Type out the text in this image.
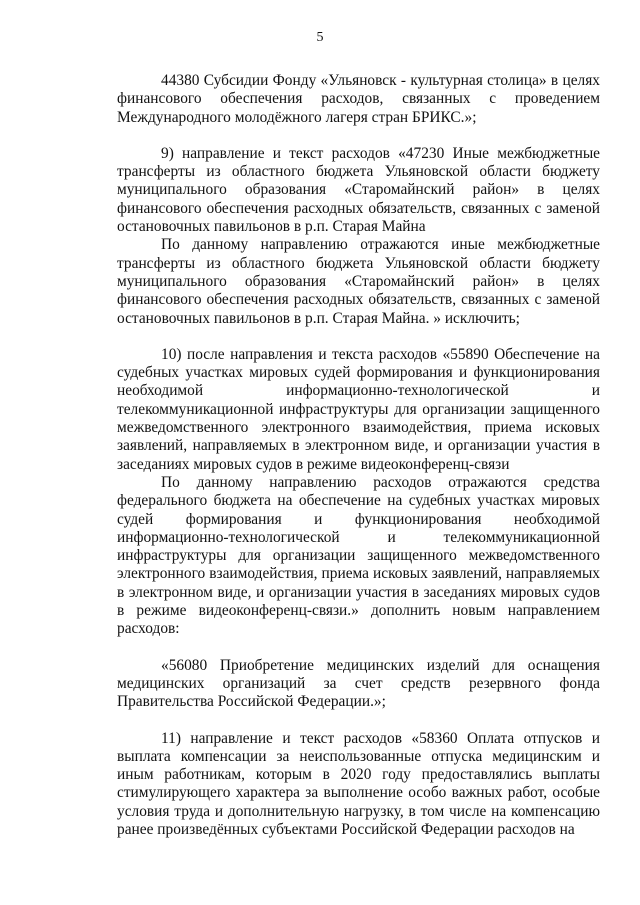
5

44380 Субсидии Фонду «Ульяновск - культурная столица» в целях финансового обеспечения расходов, связанных с проведением Международного молодёжного лагеря стран БРИКС.»;

9) направление и текст расходов «47230 Иные межбюджетные трансферты из областного бюджета Ульяновской области бюджету муниципального образования «Старомайнский район» в целях финансового обеспечения расходных обязательств, связанных с заменой остановочных павильонов в р.п. Старая Майна

По данному направлению отражаются иные межбюджетные трансферты из областного бюджета Ульяновской области бюджету муниципального образования «Старомайнский район» в целях финансового обеспечения расходных обязательств, связанных с заменой остановочных павильонов в р.п. Старая Майна. » исключить;

10) после направления и текста расходов «55890 Обеспечение на судебных участках мировых судей формирования и функционирования необходимой информационно-технологической и телекоммуникационной инфраструктуры для организации защищенного межведомственного электронного взаимодействия, приема исковых заявлений, направляемых в электронном виде, и организации участия в заседаниях мировых судов в режиме видеоконференц-связи

По данному направлению расходов отражаются средства федерального бюджета на обеспечение на судебных участках мировых судей формирования и функционирования необходимой информационно-технологической и телекоммуникационной инфраструктуры для организации защищенного межведомственного электронного взаимодействия, приема исковых заявлений, направляемых в электронном виде, и организации участия в заседаниях мировых судов в режиме видеоконференц-связи.» дополнить новым направлением расходов:

«56080 Приобретение медицинских изделий для оснащения медицинских организаций за счет средств резервного фонда Правительства Российской Федерации.»;

11) направление и текст расходов «58360 Оплата отпусков и выплата компенсации за неиспользованные отпуска медицинским и иным работникам, которым в 2020 году предоставлялись выплаты стимулирующего характера за выполнение особо важных работ, особые условия труда и дополнительную нагрузку, в том числе на компенсацию ранее произведённых субъектами Российской Федерации расходов на
